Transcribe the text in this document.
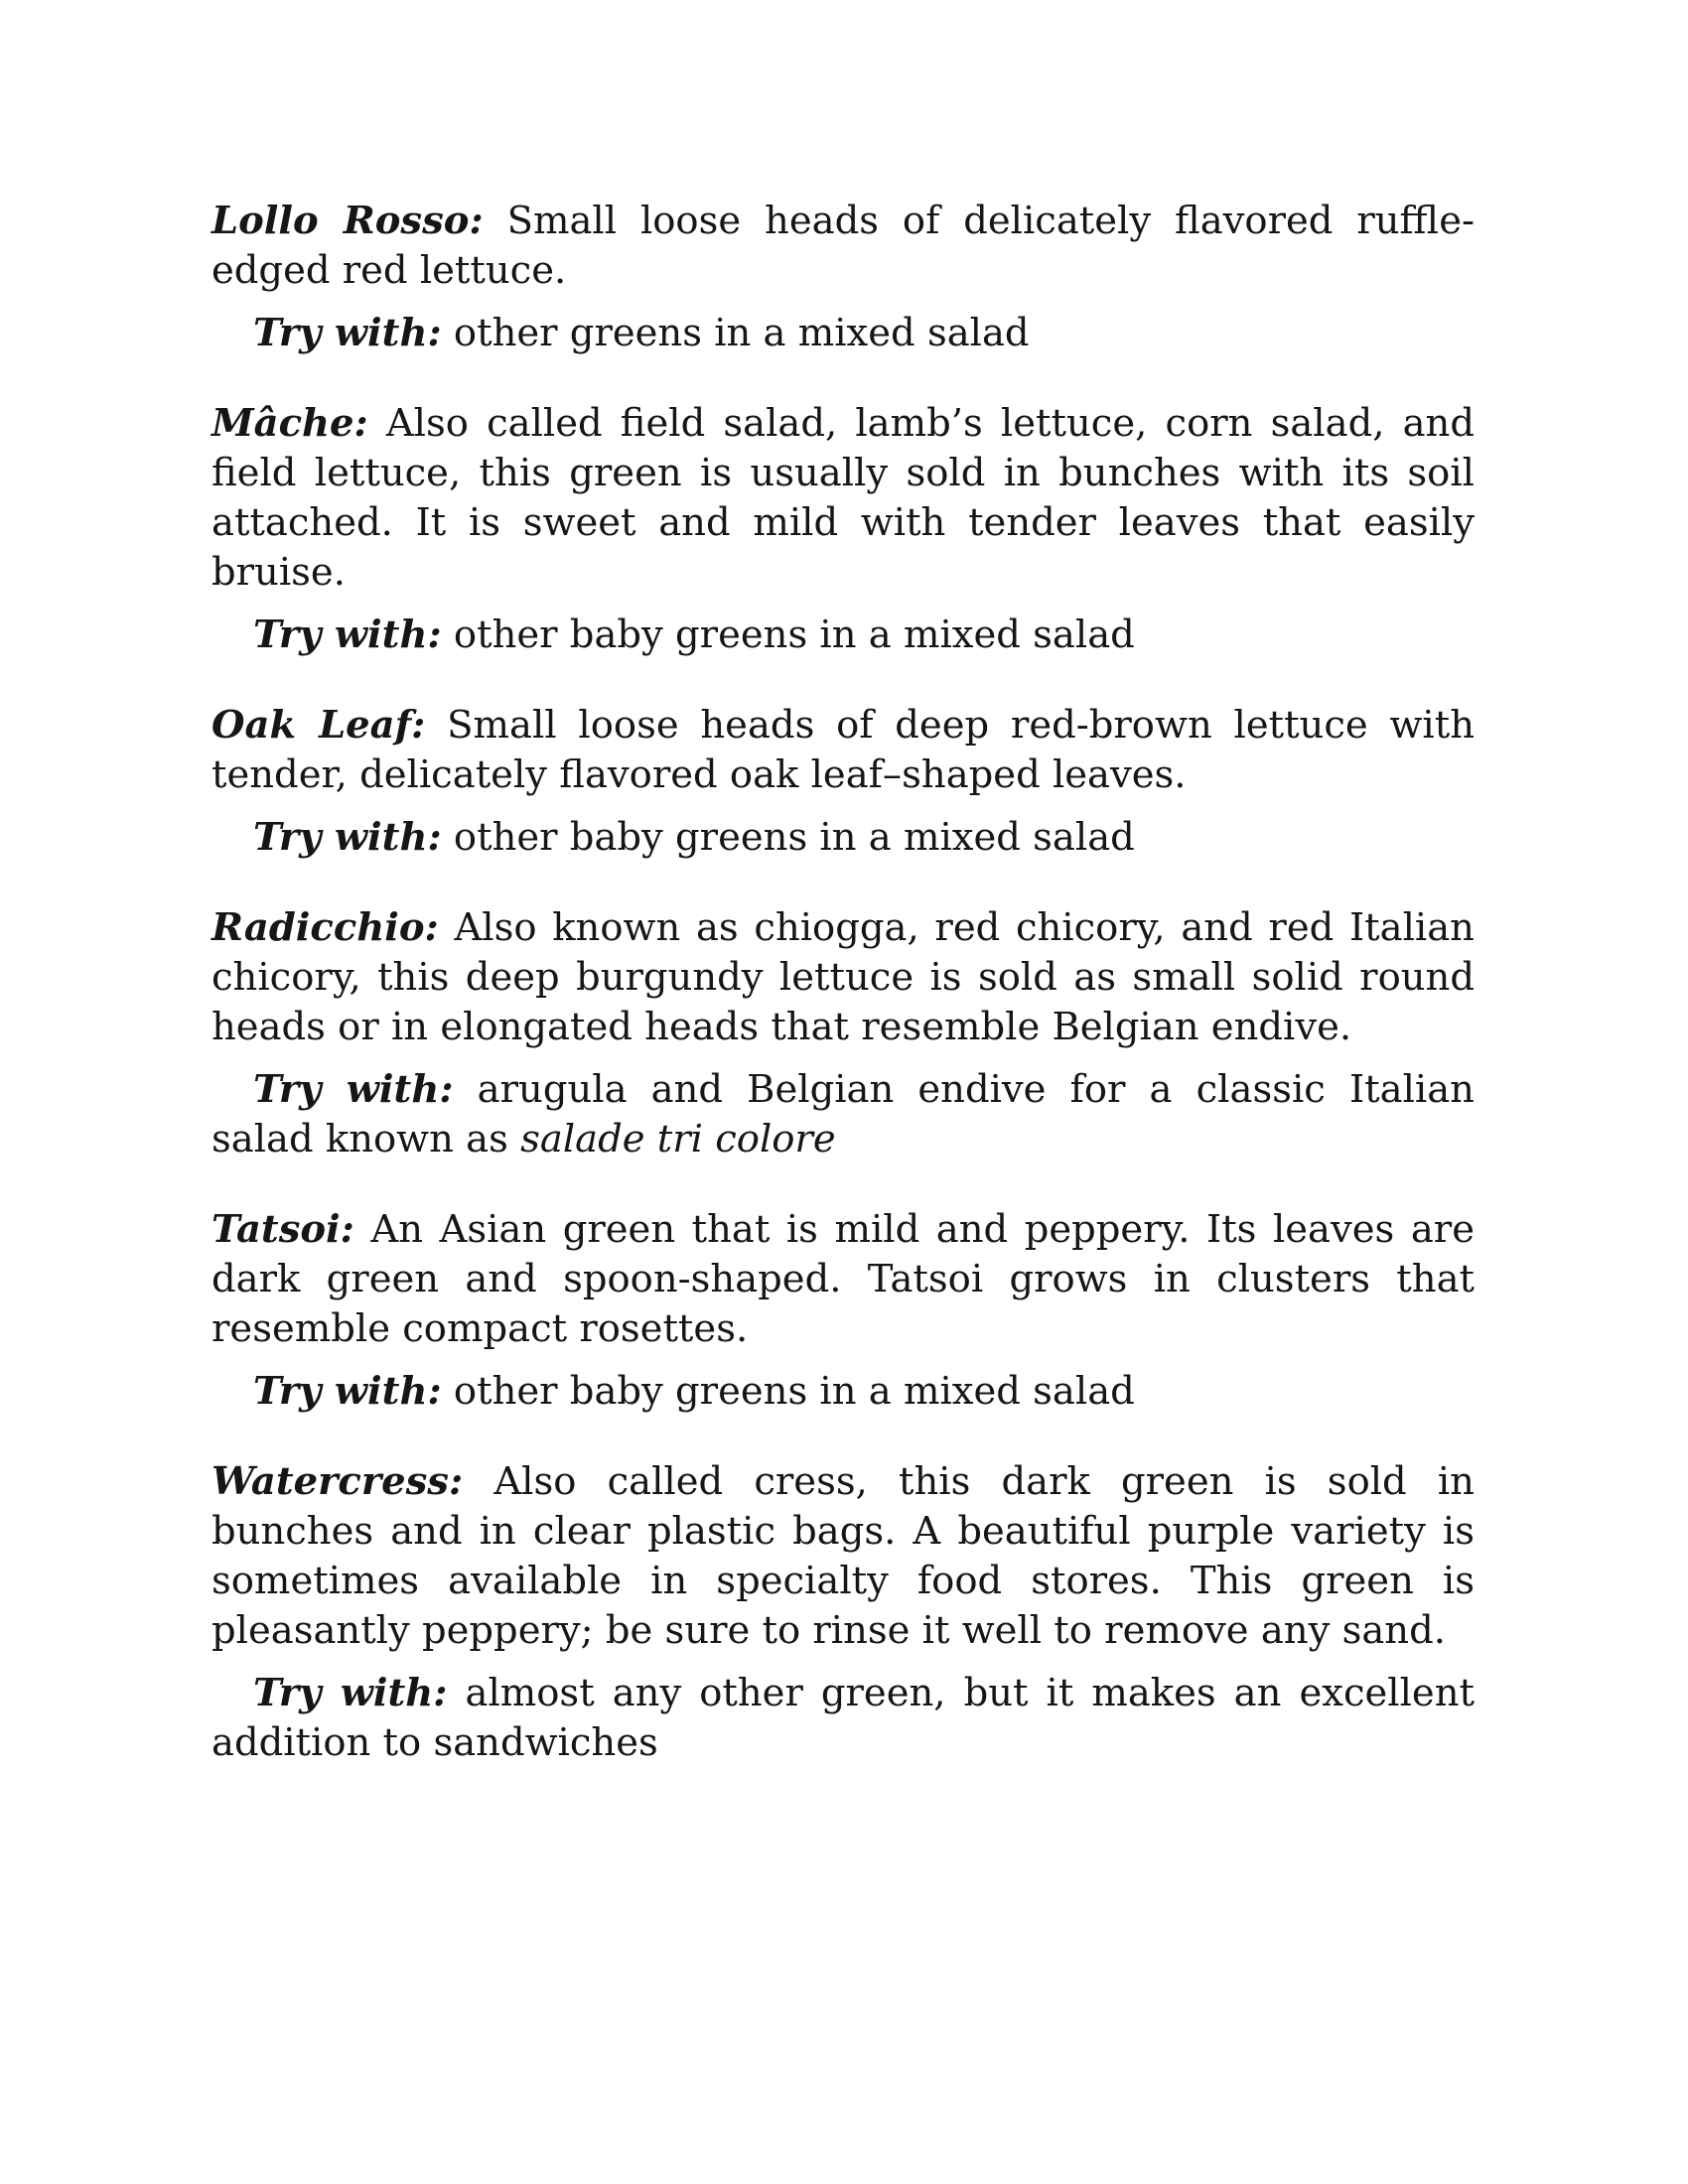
Lollo Rosso: Small loose heads of delicately flavored ruffle-edged red lettuce.

Try with: other greens in a mixed salad

Mâche: Also called field salad, lamb’s lettuce, corn salad, and field lettuce, this green is usually sold in bunches with its soil attached. It is sweet and mild with tender leaves that easily bruise.

Try with: other baby greens in a mixed salad

Oak Leaf: Small loose heads of deep red-brown lettuce with tender, delicately flavored oak leaf–shaped leaves.

Try with: other baby greens in a mixed salad

Radicchio: Also known as chiogga, red chicory, and red Italian chicory, this deep burgundy lettuce is sold as small solid round heads or in elongated heads that resemble Belgian endive.

Try with: arugula and Belgian endive for a classic Italian salad known as salade tri colore

Tatsoi: An Asian green that is mild and peppery. Its leaves are dark green and spoon-shaped. Tatsoi grows in clusters that resemble compact rosettes.

Try with: other baby greens in a mixed salad

Watercress: Also called cress, this dark green is sold in bunches and in clear plastic bags. A beautiful purple variety is sometimes available in specialty food stores. This green is pleasantly peppery; be sure to rinse it well to remove any sand.

Try with: almost any other green, but it makes an excellent addition to sandwiches
